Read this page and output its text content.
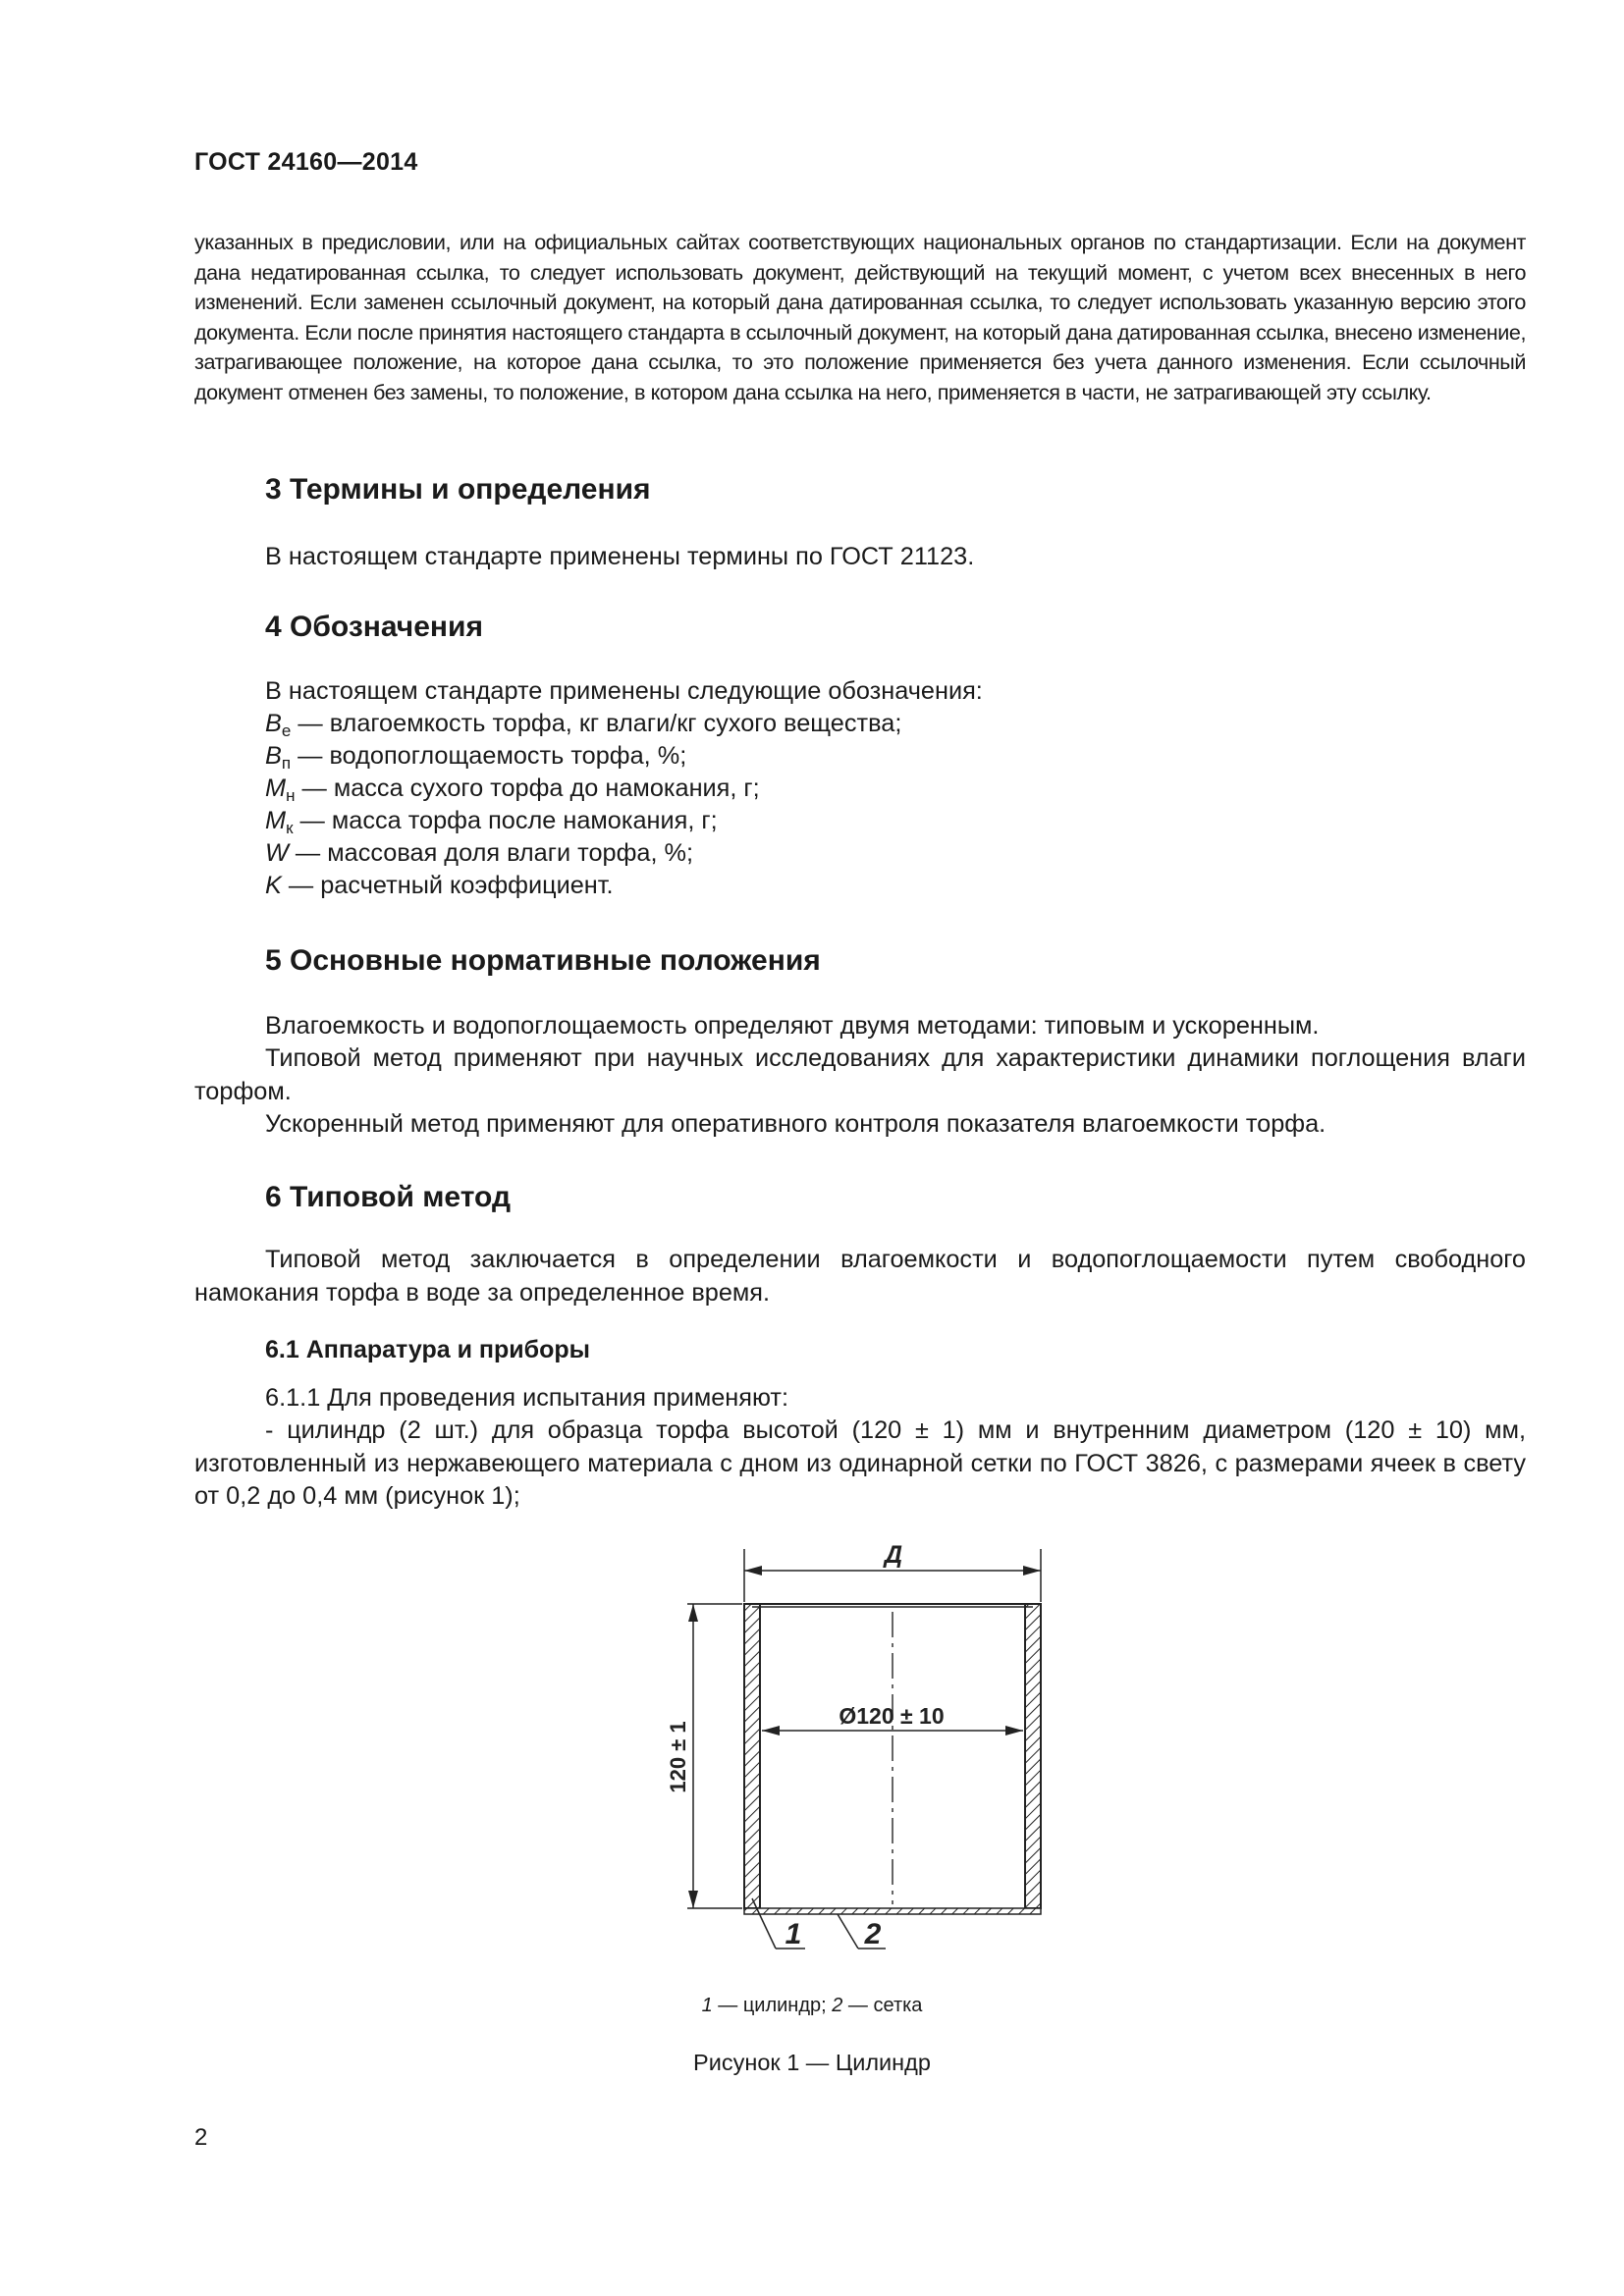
ГОСТ 24160—2014

указанных в предисловии, или на официальных сайтах соответствующих национальных органов по стандартизации. Если на документ дана недатированная ссылка, то следует использовать документ, действующий на текущий момент, с учетом всех внесенных в него изменений. Если заменен ссылочный документ, на который дана датированная ссылка, то следует использовать указанную версию этого документа. Если после принятия настоящего стандарта в ссылочный документ, на который дана датированная ссылка, внесено изменение, затрагивающее положение, на которое дана ссылка, то это положение применяется без учета данного изменения. Если ссылочный документ отменен без замены, то положение, в котором дана ссылка на него, применяется в части, не затрагивающей эту ссылку.

3 Термины и определения

В настоящем стандарте применены термины по ГОСТ 21123.

4 Обозначения

В настоящем стандарте применены следующие обозначения:

$B_е$ — влагоемкость торфа, кг влаги/кг сухого вещества;
$B_п$ — водопоглощаемость торфа, %;
$M_н$ — масса сухого торфа до намокания, г;
$M_к$ — масса торфа после намокания, г;
W — массовая доля влаги торфа, %;
K — расчетный коэффициент.
5 Основные нормативные положения

Влагоемкость и водопоглощаемость определяют двумя методами: типовым и ускоренным.

Типовой метод применяют при научных исследованиях для характеристики динамики поглощения влаги торфом.

Ускоренный метод применяют для оперативного контроля показателя влагоемкости торфа.

6 Типовой метод

Типовой метод заключается в определении влагоемкости и водопоглощаемости путем свободного намокания торфа в воде за определенное время.

6.1 Аппаратура и приборы

6.1.1 Для проведения испытания применяют:

- цилиндр (2 шт.) для образца торфа высотой (120 ± 1) мм и внутренним диаметром (120 ± 10) мм, изготовленный из нержавеющего материала с дном из одинарной сетки по ГОСТ 3826, с размерами ячеек в свету от 0,2 до 0,4 мм (рисунок 1);

Д
Ø120 ± 10
120 ± 1
1 2
1 — цилиндр; 2 — сетка
Рисунок 1 — Цилиндр
2
